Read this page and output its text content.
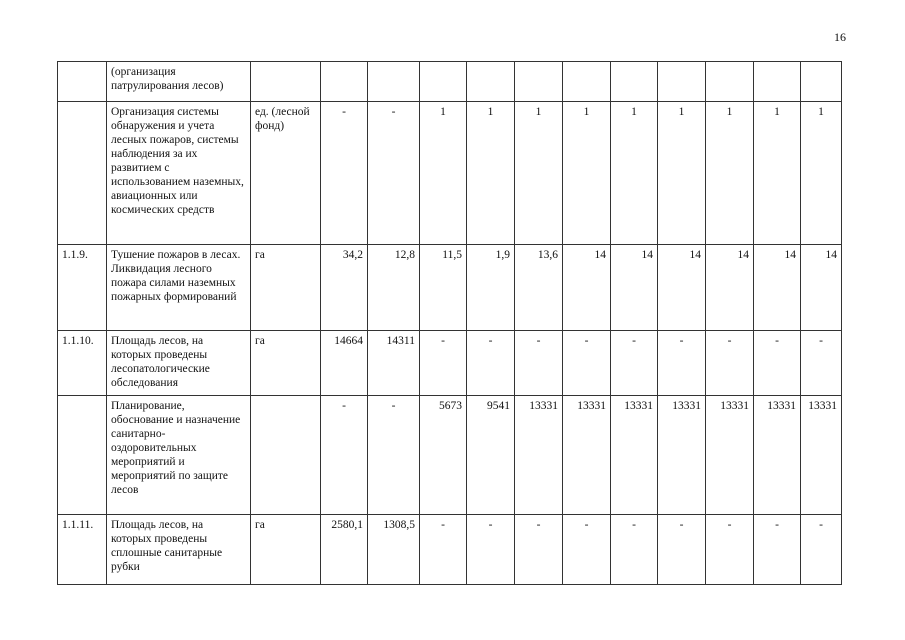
16
	(организация патрулирования лесов)												
	Организация системы обнаружения и учета лесных пожаров, системы наблюдения за их развитием с использованием наземных, авиационных или космических средств	ед. (лесной фонд)	-	-	1	1	1	1	1	1	1	1	1
1.1.9.	Тушение пожаров в лесах. Ликвидация лесного пожара силами наземных пожарных формирований	га	34,2	12,8	11,5	1,9	13,6	14	14	14	14	14	14
1.1.10.	Площадь лесов, на которых проведены лесопатологические обследования	га	14664	14311	-	-	-	-	-	-	-	-	-
	Планирование, обоснование и назначение санитарно-оздоровительных мероприятий и мероприятий по защите лесов		-	-	5673	9541	13331	13331	13331	13331	13331	13331	13331
1.1.11.	Площадь лесов, на которых проведены сплошные санитарные рубки	га	2580,1	1308,5	-	-	-	-	-	-	-	-	-
